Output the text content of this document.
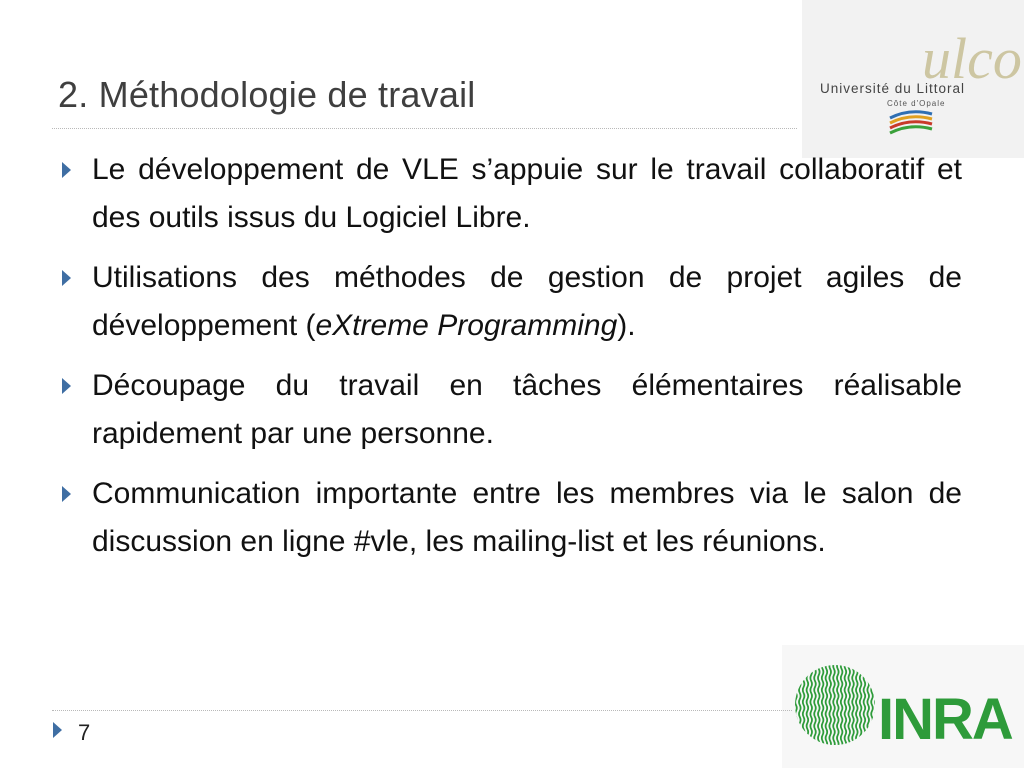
2. Méthodologie de travail
ulco
Université du Littoral
Côte d'Opale
Le développement de VLE s’appuie sur le travail collaboratif et des outils issus du Logiciel Libre.
Utilisations des méthodes de gestion de projet agiles de développement (eXtreme Programming).
Découpage du travail en tâches élémentaires réalisable rapidement par une personne.
Communication importante entre les membres via le salon de discussion en ligne #vle, les mailing-list et les réunions.
INRA
7
